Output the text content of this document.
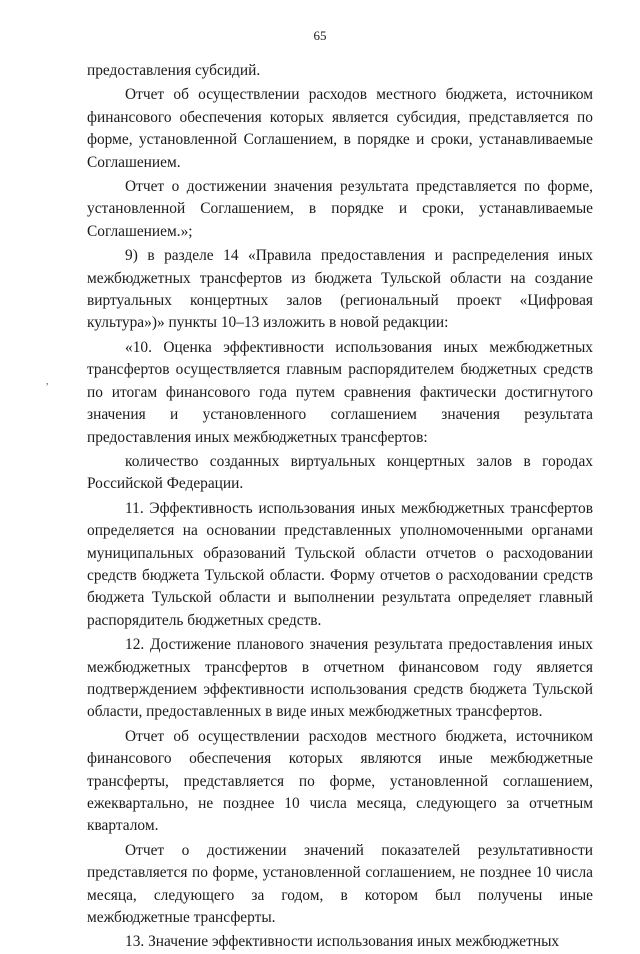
65
,

предоставления субсидий.

Отчет об осуществлении расходов местного бюджета, источником финансового обеспечения которых является субсидия, представляется по форме, установленной Соглашением, в порядке и сроки, устанавливаемые Соглашением.

Отчет о достижении значения результата представляется по форме, установленной Соглашением, в порядке и сроки, устанавливаемые Соглашением.»;

9) в разделе 14 «Правила предоставления и распределения иных межбюджетных трансфертов из бюджета Тульской области на создание виртуальных концертных залов (региональный проект «Цифровая культура»)» пункты 10–13 изложить в новой редакции:

«10. Оценка эффективности использования иных межбюджетных трансфертов осуществляется главным распорядителем бюджетных средств по итогам финансового года путем сравнения фактически достигнутого значения и установленного соглашением значения результата предоставления иных межбюджетных трансфертов:

количество созданных виртуальных концертных залов в городах Российской Федерации.

11. Эффективность использования иных межбюджетных трансфертов определяется на основании представленных уполномоченными органами муниципальных образований Тульской области отчетов о расходовании средств бюджета Тульской области. Форму отчетов о расходовании средств бюджета Тульской области и выполнении результата определяет главный распорядитель бюджетных средств.

12. Достижение планового значения результата предоставления иных межбюджетных трансфертов в отчетном финансовом году является подтверждением эффективности использования средств бюджета Тульской области, предоставленных в виде иных межбюджетных трансфертов.

Отчет об осуществлении расходов местного бюджета, источником финансового обеспечения которых являются иные межбюджетные трансферты, представляется по форме, установленной соглашением, ежеквартально, не позднее 10 числа месяца, следующего за отчетным кварталом.

Отчет о достижении значений показателей результативности представляется по форме, установленной соглашением, не позднее 10 числа месяца, следующего за годом, в котором был получены иные межбюджетные трансферты.

13. Значение эффективности использования иных межбюджетных
